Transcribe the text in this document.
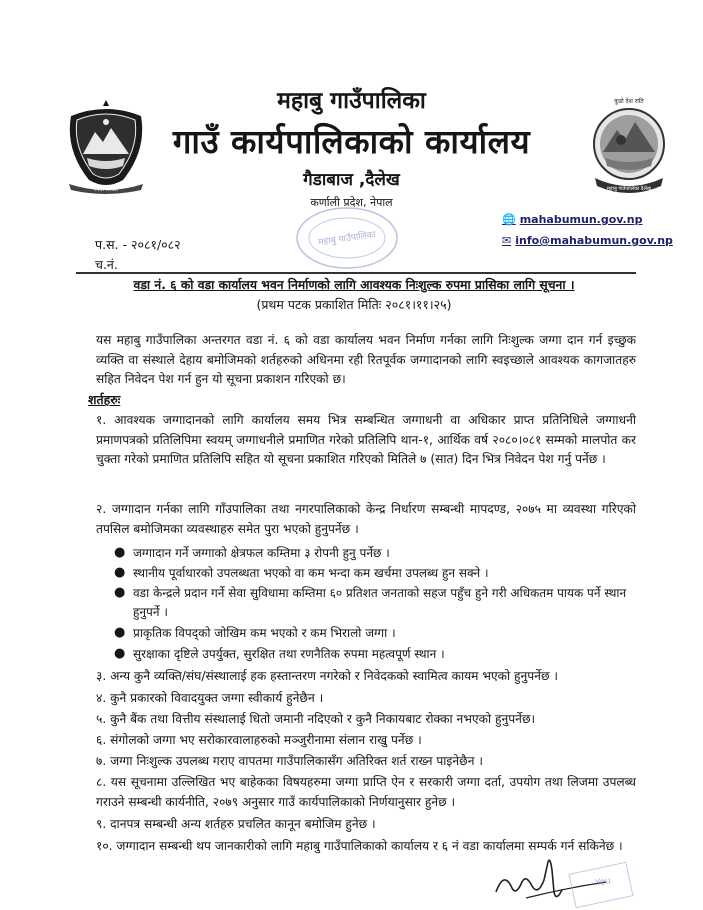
नेपाल सरकार
कुडो देश राति
महाबु गाउँपालिका दैलेख
महाबु गाउँपालिका
गाउँ कार्यपालिकाको कार्यालय
गैडाबाज ,दैलेख
कर्णाली प्रदेश, नेपाल
प.स. - २०८१/०८२
च.नं.
🌐 mahabumun.gov.np
✉ info@mahabumun.gov.np
महाबु गाउँपालिका
वडा नं. ६ को वडा कार्यालय भवन निर्माणको लागि आवश्यक निःशुल्क रुपमा प्रासिका लागि सूचना ।
(प्रथम पटक प्रकाशित मितिः २०८१।११।२५)
यस महाबु गाउँपालिका अन्तरगत वडा नं. ६ को वडा कार्यालय भवन निर्माण गर्नका लागि निःशुल्क जग्गा दान गर्न इच्छुक व्यक्ति वा संस्थाले देहाय बमोजिमको शर्तहरुको अधिनमा रही रितपूर्वक जग्गादानको लागि स्वइच्छाले आवश्यक कागजातहरु सहित निवेदन पेश गर्न हुन यो सूचना प्रकाशन गरिएको छ।
शर्तहरुः
१. आवश्यक जग्गादानको लागि कार्यालय समय भित्र सम्बन्धित जग्गाधनी वा अधिकार प्राप्त प्रतिनिधिले जग्गाधनी प्रमाणपत्रको प्रतिलिपिमा स्वयम् जग्गाधनीले प्रमाणित गरेको प्रतिलिपि थान-१, आर्थिक वर्ष २०८०।०८१ सम्मको मालपोत कर चुक्ता गरेको प्रमाणित प्रतिलिपि सहित यो सूचना प्रकाशित गरिएको मितिले ७ (सात) दिन भित्र निवेदन पेश गर्नु पर्नेछ ।
२. जग्गादान गर्नका लागि गाँउपालिका तथा नगरपालिकाको केन्द्र निर्धारण सम्बन्धी मापदण्ड, २०७५ मा व्यवस्था गरिएको तपसिल बमोजिमका व्यवस्थाहरु समेत पुरा भएको हुनुपर्नेछ ।
● जग्गादान गर्ने जग्गाको क्षेत्रफल कम्तिमा ३ रोपनी हुनु पर्नेछ ।
● स्थानीय पूर्वाधारको उपलब्धता भएको वा कम भन्दा कम खर्चमा उपलब्ध हुन सक्ने ।
● वडा केन्द्रले प्रदान गर्ने सेवा सुविधामा कम्तिमा ६० प्रतिशत जनताको सहज पहुँच हुने गरी अधिकतम पायक पर्ने स्थान हुनुपर्ने ।
● प्राकृतिक विपद्को जोखिम कम भएको र कम भिरालो जग्गा ।
● सुरक्षाका दृष्टिले उपर्युक्त, सुरक्षित तथा रणनैतिक रुपमा महत्वपूर्ण स्थान ।
३. अन्य कुनै व्यक्ति/संघ/संस्थालाई हक हस्तान्तरण नगरेको र निवेदकको स्वामित्व कायम भएको हुनुपर्नेछ ।
४. कुनै प्रकारको विवादयुक्त जग्गा स्वीकार्य हुनेछैन ।
५. कुनै बैंक तथा वित्तीय संस्थालाई धितो जमानी नदिएको र कुनै निकायबाट रोक्का नभएको हुनुपर्नेछ।
६. संगोलको जग्गा भए सरोकारवालाहरुको मञ्जुरीनामा संलान राखु पर्नेछ ।
७. जग्गा निःशुल्क उपलब्ध गराए वापतमा गाउँपालिकासँग अतिरिक्त शर्त राख्न पाइनेछैन ।
८. यस सूचनामा उल्लिखित भए बाहेकका विषयहरुमा जग्गा प्राप्ति ऐन र सरकारी जग्गा दर्ता, उपयोग तथा लिजमा उपलब्ध गराउने सम्बन्धी कार्यनीति, २०७९ अनुसार गाउँ कार्यपालिकाको निर्णयानुसार हुनेछ ।
९. दानपत्र सम्बन्धी अन्य शर्तहरु प्रचलित कानून बमोजिम हुनेछ ।
१०. जग्गादान सम्बन्धी थप जानकारीको लागि महाबु गाउँपालिकाको कार्यालय र ६ नं वडा कार्यालमा सम्पर्क गर्न सकिनेछ ।
Yeu
